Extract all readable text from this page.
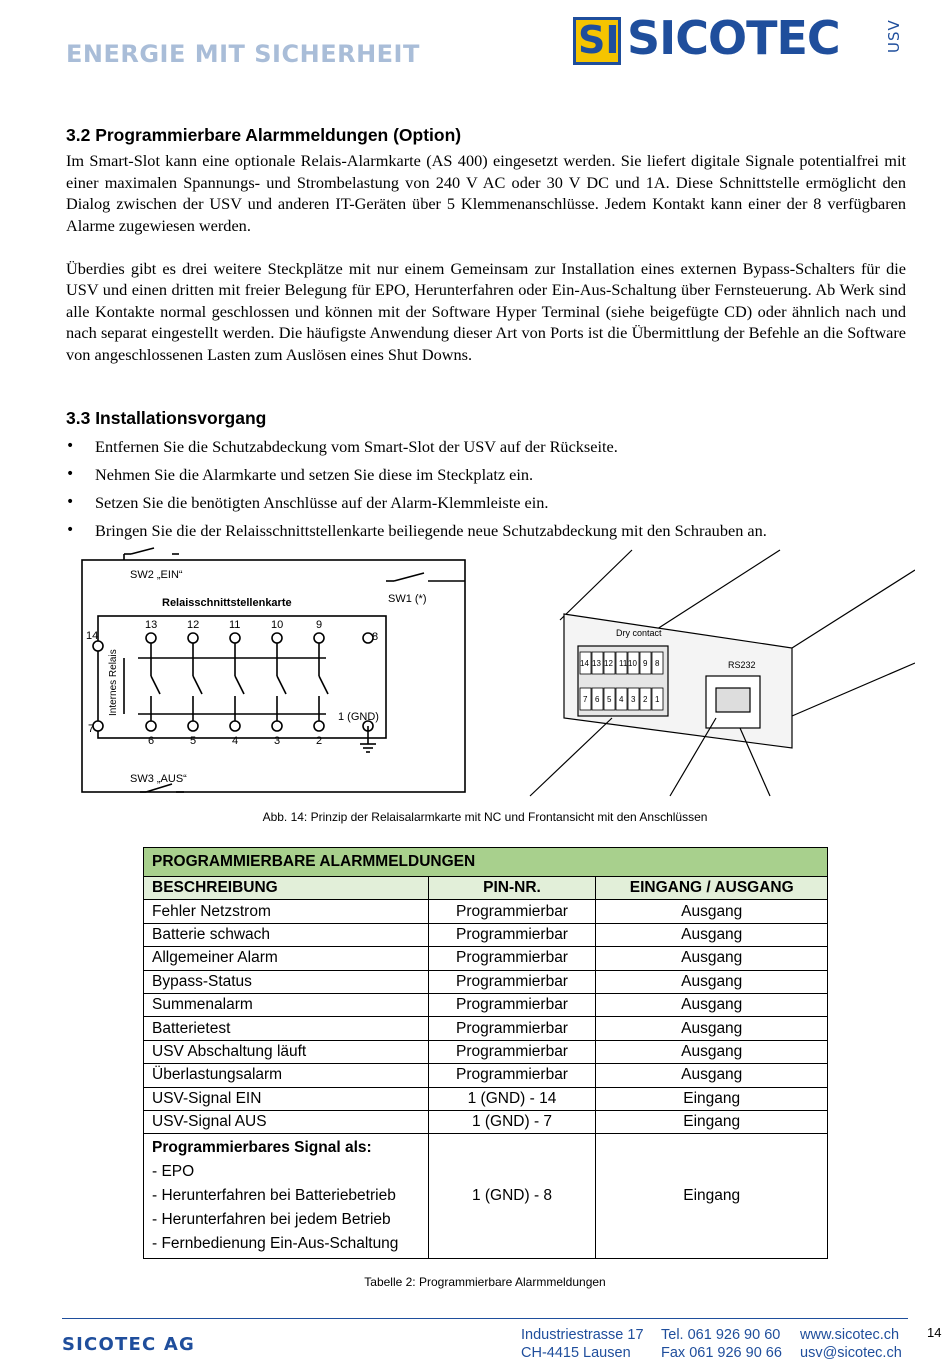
ENERGIE MIT SICHERHEIT	SI SICOTEC	USV
3.2 Programmierbare Alarmmeldungen (Option)

Im Smart-Slot kann eine optionale Relais-Alarmkarte (AS 400) eingesetzt werden. Sie liefert digitale Signale potentialfrei mit einer maximalen Spannungs- und Strombelastung von 240 V AC oder 30 V DC und 1A. Diese Schnittstelle ermöglicht den Dialog zwischen der USV und anderen IT-Geräten über 5 Klemmenanschlüsse. Jedem Kontakt kann einer der 8 verfügbaren Alarme zugewiesen werden.

Überdies gibt es drei weitere Steckplätze mit nur einem Gemeinsam zur Installation eines externen Bypass-Schalters für die USV und einen dritten mit freier Belegung für EPO, Herunterfahren oder Ein-Aus-Schaltung über Fernsteuerung. Ab Werk sind alle Kontakte normal geschlossen und können mit der Software Hyper Terminal (siehe beigefügte CD) oder ähnlich nach und nach separat eingestellt werden. Die häufigste Anwendung dieser Art von Ports ist die Übermittlung der Befehle an die Software von angeschlossenen Lasten zum Auslösen eines Shut Downs.

3.3 Installationsvorgang
• Entfernen Sie die Schutzabdeckung vom Smart-Slot der USV auf der Rückseite.
• Nehmen Sie die Alarmkarte und setzen Sie diese im Steckplatz ein.
• Setzen Sie die benötigten Anschlüsse auf der Alarm-Klemmleiste ein.
• Bringen Sie die der Relaisschnittstellenkarte beiliegende neue Schutzabdeckung mit den Schrauben an.
SW2 „EIN“
Relaisschnittstellenkarte	SW1 (*)
SW3 „AUS“
14
7
8
1 (GND)
13	12	11	10	9
6	5	4	3	2
Internes Relais
Dry contact
RS232
14 13 12 11 10 9 8
7 6 5 4 3 2 1
Abb. 14: Prinzip der Relaisalarmkarte mit NC und Frontansicht mit den Anschlüssen
PROGRAMMIERBARE ALARMMELDUNGEN		
BESCHREIBUNG	PIN-NR.	EINGANG / AUSGANG
Fehler Netzstrom	Programmierbar	Ausgang
Batterie schwach	Programmierbar	Ausgang
Allgemeiner Alarm	Programmierbar	Ausgang
Bypass-Status	Programmierbar	Ausgang
Summenalarm	Programmierbar	Ausgang
Batterietest	Programmierbar	Ausgang
USV Abschaltung läuft	Programmierbar	Ausgang
Überlastungsalarm	Programmierbar	Ausgang
USV-Signal EIN	1 (GND) - 14	Eingang
USV-Signal AUS	1 (GND) - 7	Eingang

Programmierbares Signal als:
- EPO
- Herunterfahren bei Batteriebetrieb
- Herunterfahren bei jedem Betrieb
- Fernbedienung Ein-Aus-Schaltung	1 (GND) - 8	Eingang
Tabelle 2: Programmierbare Alarmmeldungen
SICOTEC AG	Industriestrasse 17
CH-4415 Lausen
Tel. 061 926 90 60
Fax 061 926 90 66
www.sicotec.ch
usv@sicotec.ch
14
